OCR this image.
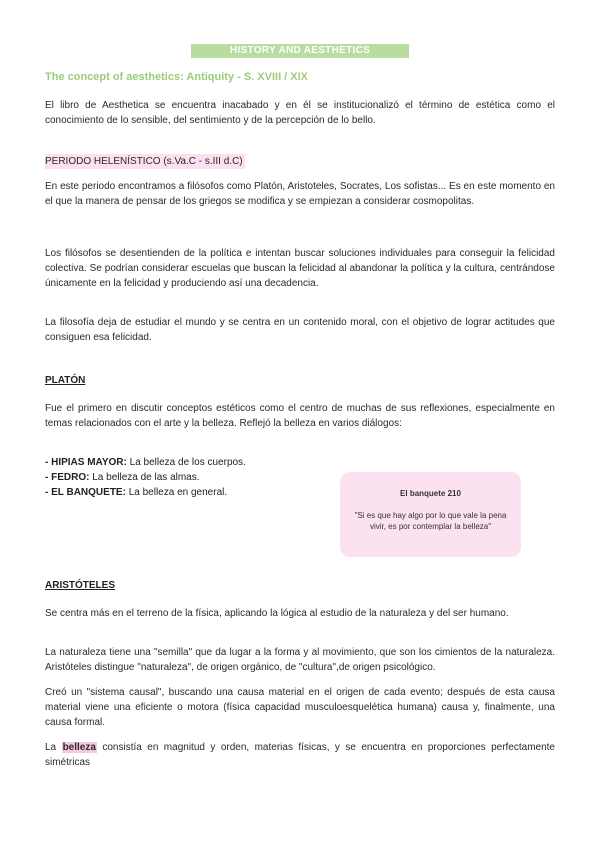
HISTORY AND AESTHETICS
The concept of aesthetics: Antiquity - S. XVIII / XIX
El libro de Aesthetica se encuentra inacabado y en él se institucionalizó el término de estética como el conocimiento de lo sensible, del sentimiento y de la percepción de lo bello.
PERIODO HELENÍSTICO (s.Va.C - s.III d.C)
En este periodo encontramos a filósofos como Platón, Aristoteles, Socrates, Los sofistas... Es en este momento en el que la manera de pensar de los griegos se modifica y se empiezan a considerar cosmopolitas.
Los filósofos se desentienden de la política e intentan buscar soluciones individuales para conseguir la felicidad colectiva. Se podrían considerar escuelas que buscan la felicidad al abandonar la política y la cultura, centrándose únicamente en la felicidad y produciendo así una decadencia.
La filosofía deja de estudiar el mundo y se centra en un contenido moral, con el objetivo de lograr actitudes que consiguen esa felicidad.
PLATÓN
Fue el primero en discutir conceptos estéticos como el centro de muchas de sus reflexiones, especialmente en temas relacionados con el arte y la belleza. Reflejó la belleza en varios diálogos:
- HIPIAS MAYOR: La belleza de los cuerpos.
- FEDRO: La belleza de las almas.
- EL BANQUETE: La belleza en general.	El banquete 210
"Si es que hay algo por lo que vale la pena vivir, es por contemplar la belleza"
ARISTÓTELES
Se centra más en el terreno de la física, aplicando la lógica al estudio de la naturaleza y del ser humano.
La naturaleza tiene una "semilla" que da lugar a la forma y al movimiento, que son los cimientos de la naturaleza. Aristóteles distingue "naturaleza", de origen orgánico, de "cultura",de origen psicológico.
Creó un "sistema causal", buscando una causa material en el origen de cada evento; después de esta causa material viene una eficiente o motora (física capacidad musculoesquelética humana) causa y, finalmente, una causa formal.
La belleza consistía en magnitud y orden, materias físicas, y se encuentra en proporciones perfectamente simétricas
